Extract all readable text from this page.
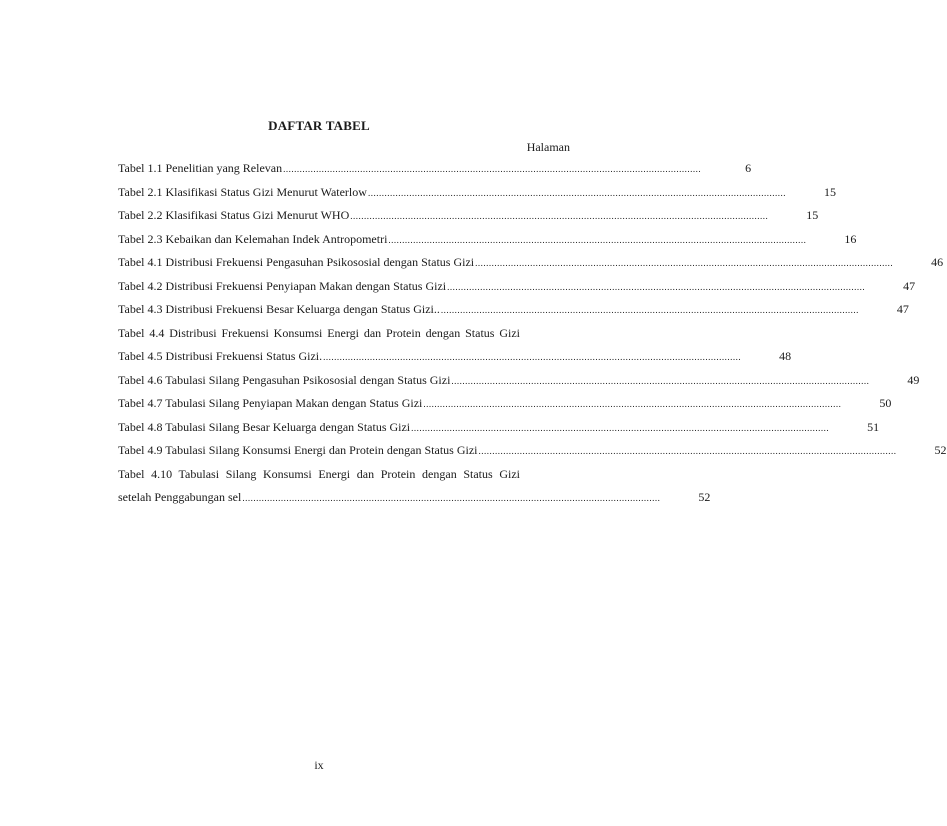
DAFTAR TABEL
Halaman
Tabel 1.1 Penelitian yang Relevan ........................................................................................................................................................	6
Tabel 2.1 Klasifikasi Status Gizi Menurut Waterlow ........................................................................................................................................................	15
Tabel 2.2 Klasifikasi Status Gizi Menurut WHO ........................................................................................................................................................	15
Tabel 2.3 Kebaikan dan Kelemahan Indek Antropometri ........................................................................................................................................................	16
Tabel 4.1 Distribusi Frekuensi Pengasuhan Psikososial dengan Status Gizi ........................................................................................................................................................	46
Tabel 4.2 Distribusi Frekuensi Penyiapan Makan dengan Status Gizi ........................................................................................................................................................	47
Tabel 4.3 Distribusi Frekuensi Besar Keluarga dengan Status Gizi.. ........................................................................................................................................................	47
Tabel 4.4 Distribusi Frekuensi Konsumsi Energi dan Protein dengan Status Gizi
Tabel 4.5 Distribusi Frekuensi Status Gizi. ........................................................................................................................................................	48
Tabel 4.6 Tabulasi Silang Pengasuhan Psikososial dengan Status Gizi ........................................................................................................................................................	49
Tabel 4.7 Tabulasi Silang Penyiapan Makan dengan Status Gizi ........................................................................................................................................................	50
Tabel 4.8 Tabulasi Silang Besar Keluarga dengan Status Gizi ........................................................................................................................................................	51
Tabel 4.9 Tabulasi Silang Konsumsi Energi dan Protein dengan Status Gizi ........................................................................................................................................................	52
Tabel 4.10 Tabulasi Silang Konsumsi Energi dan Protein dengan Status Gizi
setelah Penggabungan sel ........................................................................................................................................................	52
ix
